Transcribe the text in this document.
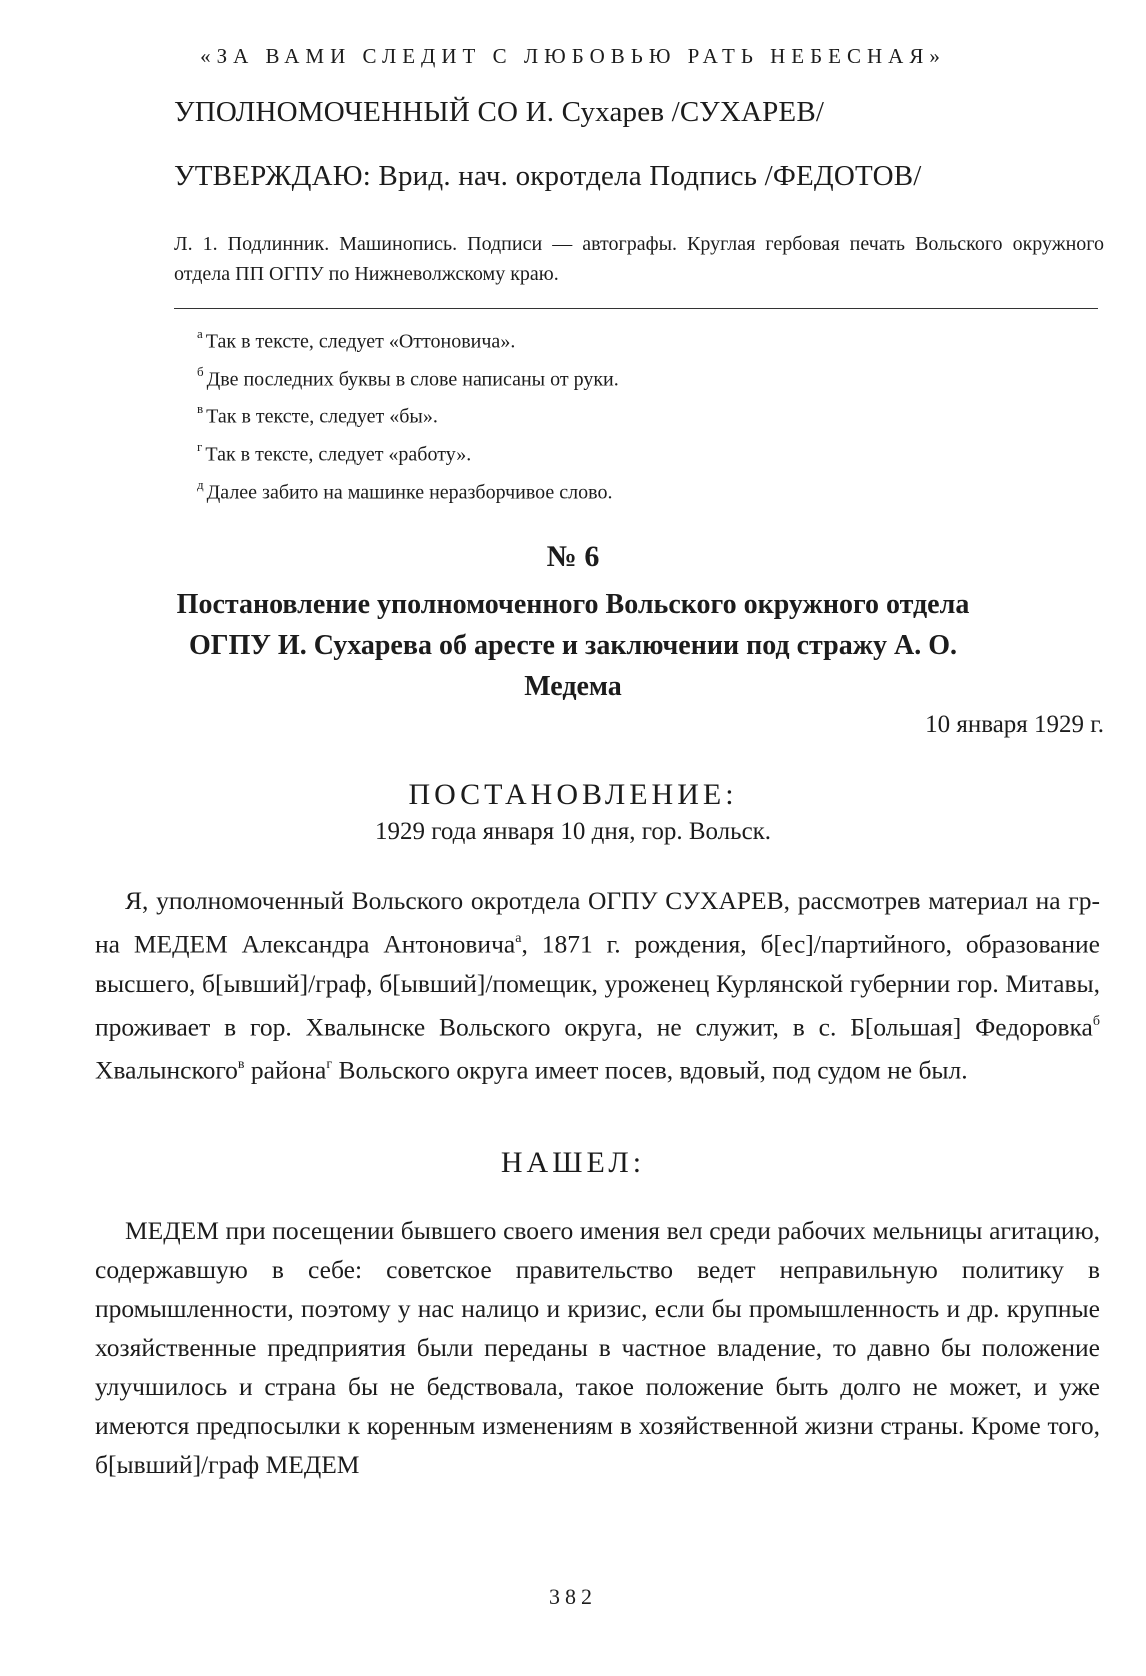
«ЗА ВАМИ СЛЕДИТ С ЛЮБОВЬЮ РАТЬ НЕБЕСНАЯ»
УПОЛНОМОЧЕННЫЙ СО И. Сухарев /СУХАРЕВ/
УТВЕРЖДАЮ: Врид. нач. окротдела Подпись /ФЕДОТОВ/
Л. 1. Подлинник. Машинопись. Подписи — автографы. Круглая гербовая печать Вольского окружного отдела ПП ОГПУ по Нижневолжскому краю.
$^а$ Так в тексте, следует «Оттоновича».
$^б$ Две последних буквы в слове написаны от руки.
$^в$ Так в тексте, следует «бы».
$^г$ Так в тексте, следует «работу».
$^д$ Далее забито на машинке неразборчивое слово.
№ 6
Постановление уполномоченного Вольского окружного отдела ОГПУ И. Сухарева об аресте и заключении под стражу А. О. Медема
10 января 1929 г.
ПОСТАНОВЛЕНИЕ:
1929 года января 10 дня, гор. Вольск.
Я, уполномоченный Вольского окротдела ОГПУ СУХАРЕВ, рассмотрев материал на гр-на МЕДЕМ Александра Антоновича$^а$, 1871 г. рождения, б[ес]/партийного, образование высшего, б[ывший]/граф, б[ывший]/помещик, уроженец Курлянской губернии гор. Митавы, проживает в гор. Хвалынске Вольского округа, не служит, в с. Б[ольшая] Федоровка$^б$ Хвалынского$^в$ района$^г$ Вольского округа имеет посев, вдовый, под судом не был.
НАШЕЛ:
МЕДЕМ при посещении бывшего своего имения вел среди рабочих мельницы агитацию, содержавшую в себе: советское правительство ведет неправильную политику в промышленности, поэтому у нас налицо и кризис, если бы промышленность и др. крупные хозяйственные предприятия были переданы в частное владение, то давно бы положение улучшилось и страна бы не бедствовала, такое положение быть долго не может, и уже имеются предпосылки к коренным изменениям в хозяйственной жизни страны. Кроме того, б[ывший]/граф МЕДЕМ
382
